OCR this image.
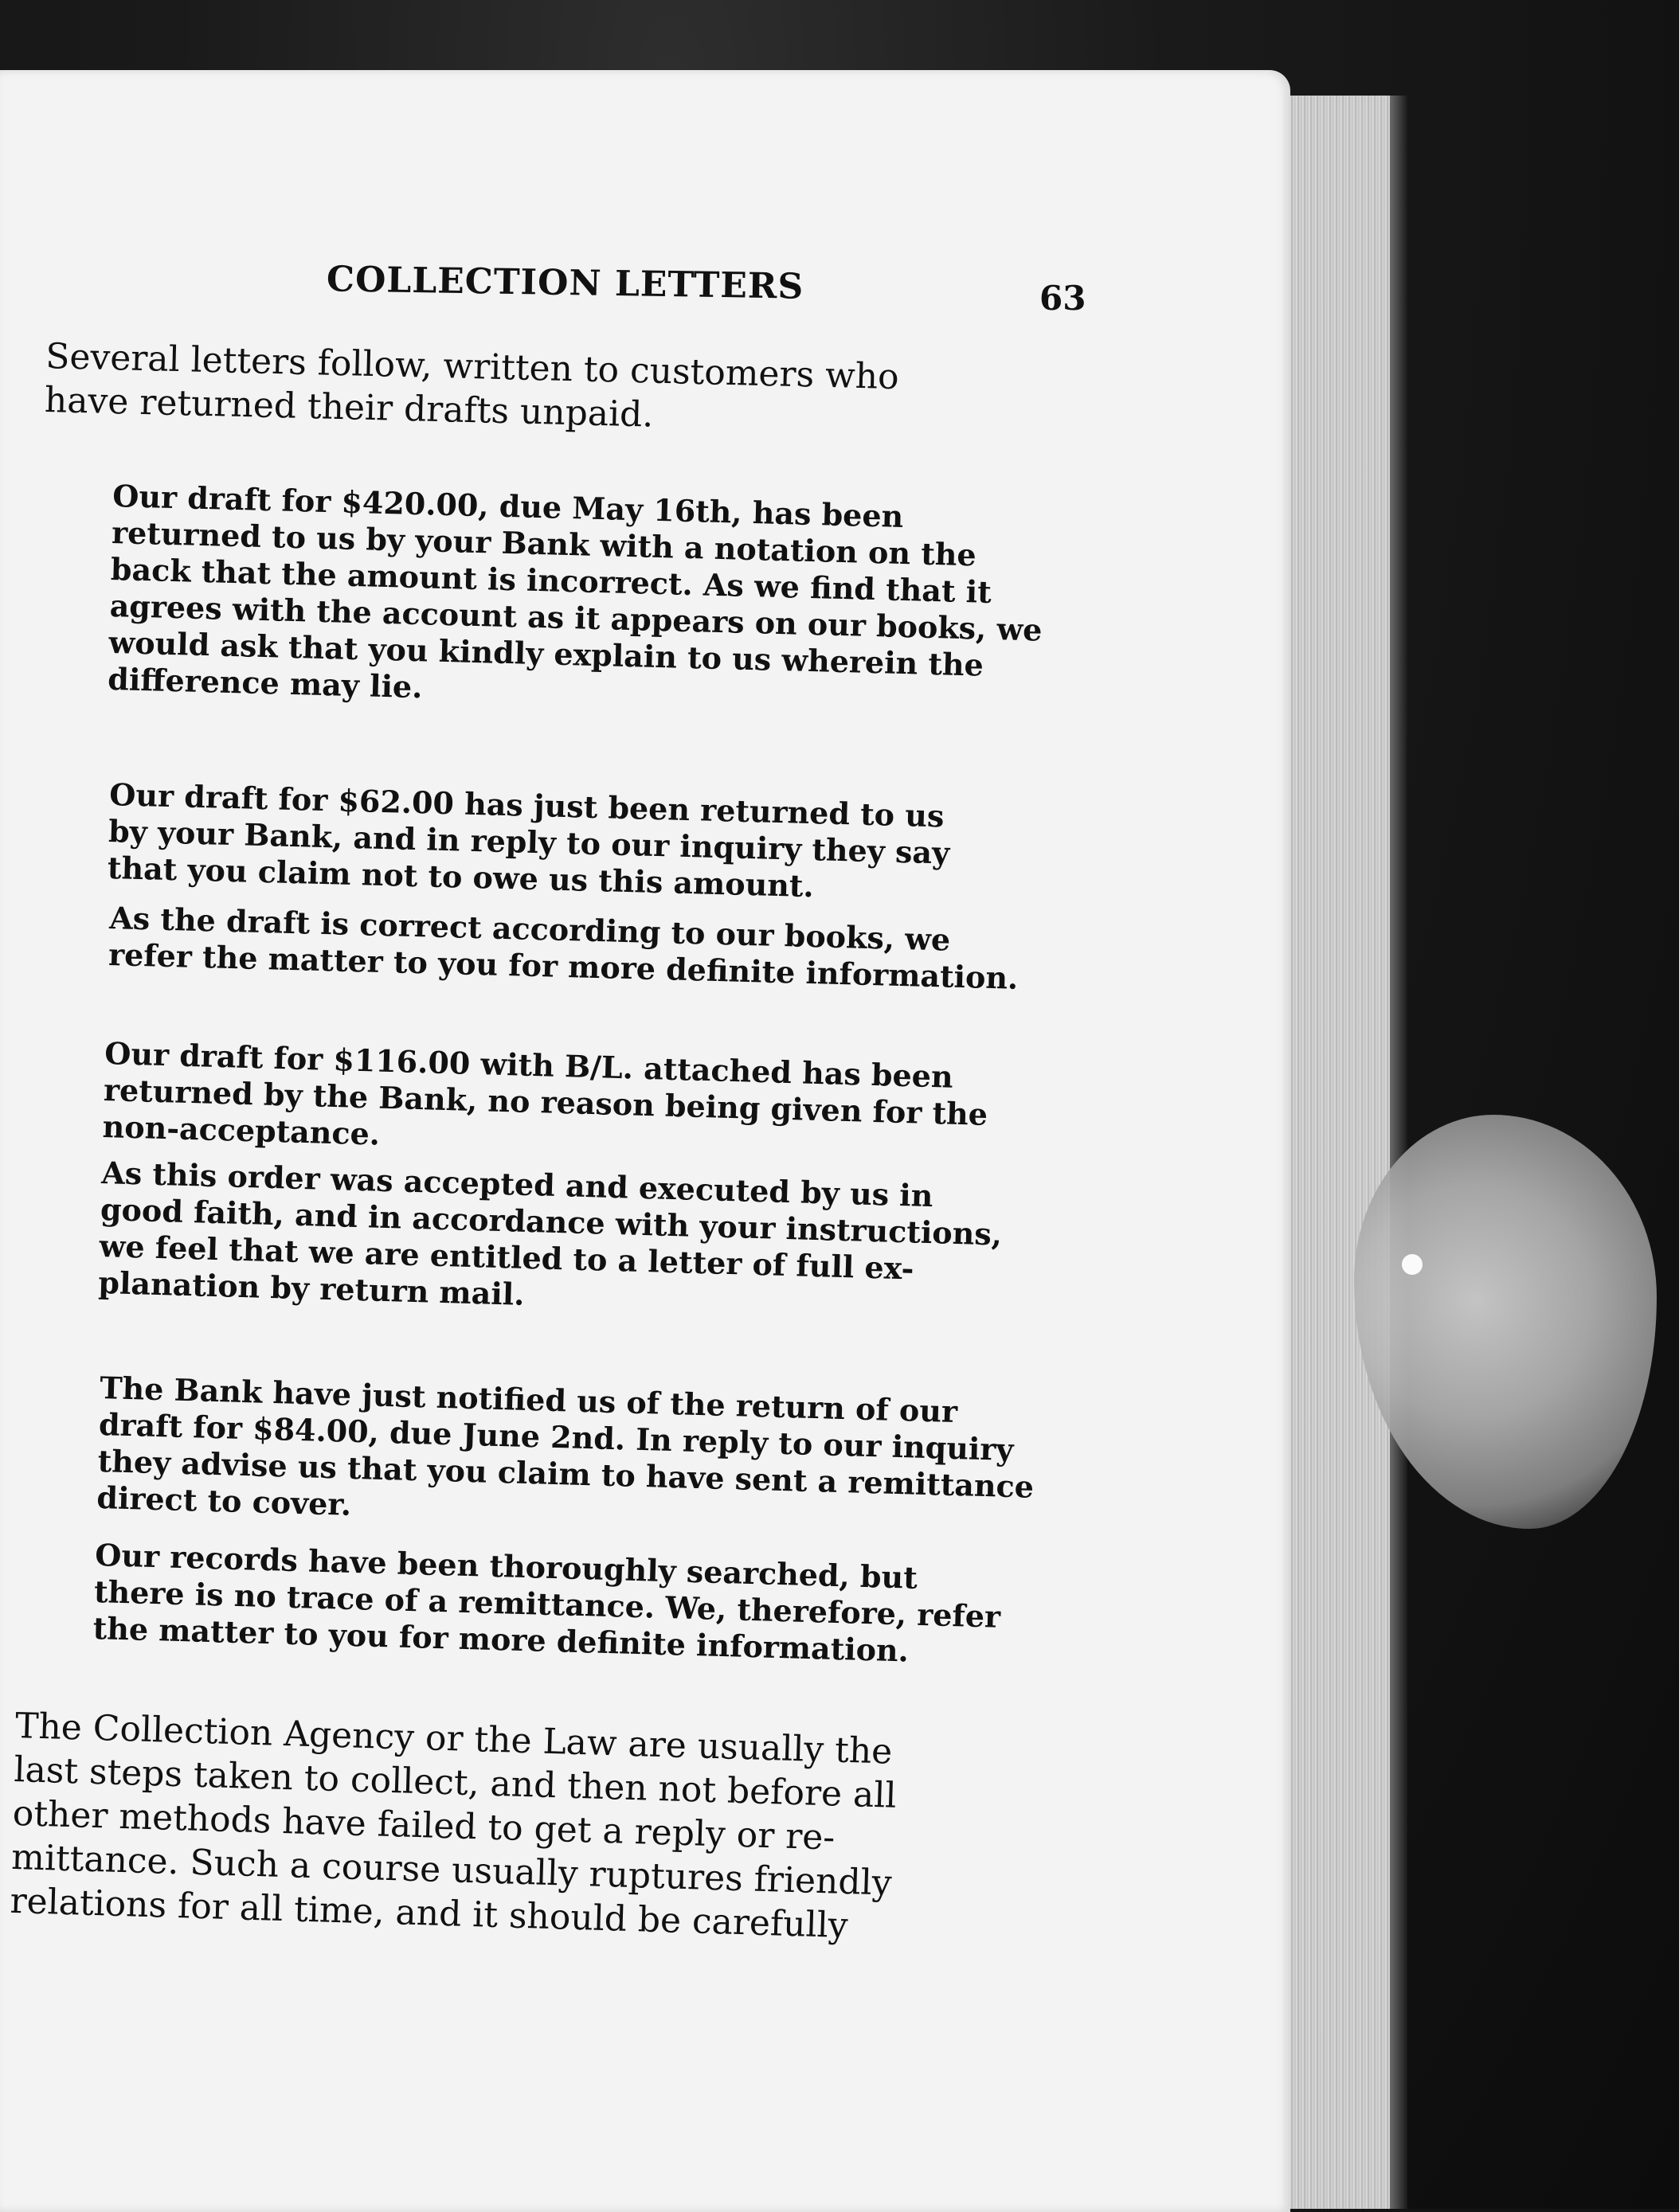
COLLECTION LETTERS	63

Several letters follow, written to customers who
have returned their drafts unpaid.

Our draft for $420.00, due May 16th, has been
returned to us by your Bank with a notation on the
back that the amount is incorrect. As we find that it
agrees with the account as it appears on our books, we
would ask that you kindly explain to us wherein the
difference may lie.

Our draft for $62.00 has just been returned to us
by your Bank, and in reply to our inquiry they say
that you claim not to owe us this amount.

As the draft is correct according to our books, we
refer the matter to you for more definite information.

Our draft for $116.00 with B/L. attached has been
returned by the Bank, no reason being given for the
non-acceptance.

As this order was accepted and executed by us in
good faith, and in accordance with your instructions,
we feel that we are entitled to a letter of full ex-
planation by return mail.

The Bank have just notified us of the return of our
draft for $84.00, due June 2nd. In reply to our inquiry
they advise us that you claim to have sent a remittance
direct to cover.

Our records have been thoroughly searched, but
there is no trace of a remittance. We, therefore, refer
the matter to you for more definite information.

The Collection Agency or the Law are usually the
last steps taken to collect, and then not before all
other methods have failed to get a reply or re-
mittance. Such a course usually ruptures friendly
relations for all time, and it should be carefully
